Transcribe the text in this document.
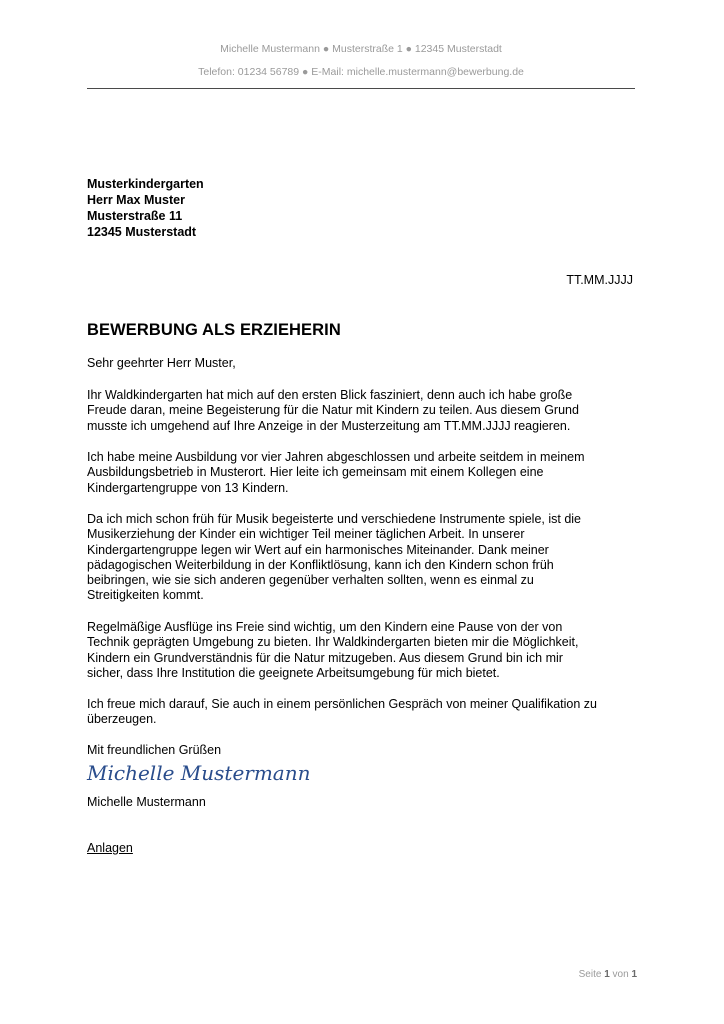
Michelle Mustermann ● Musterstraße 1 ● 12345 Musterstadt
Telefon: 01234 56789 ● E-Mail: michelle.mustermann@bewerbung.de
Musterkindergarten
Herr Max Muster
Musterstraße 11
12345 Musterstadt
TT.MM.JJJJ
BEWERBUNG ALS ERZIEHERIN

Sehr geehrter Herr Muster,

Ihr Waldkindergarten hat mich auf den ersten Blick fasziniert, denn auch ich habe große

Freude daran, meine Begeisterung für die Natur mit Kindern zu teilen. Aus diesem Grund

musste ich umgehend auf Ihre Anzeige in der Musterzeitung am TT.MM.JJJJ reagieren.

Ich habe meine Ausbildung vor vier Jahren abgeschlossen und arbeite seitdem in meinem

Ausbildungsbetrieb in Musterort. Hier leite ich gemeinsam mit einem Kollegen eine

Kindergartengruppe von 13 Kindern.

Da ich mich schon früh für Musik begeisterte und verschiedene Instrumente spiele, ist die

Musikerziehung der Kinder ein wichtiger Teil meiner täglichen Arbeit. In unserer

Kindergartengruppe legen wir Wert auf ein harmonisches Miteinander. Dank meiner

pädagogischen Weiterbildung in der Konfliktlösung, kann ich den Kindern schon früh

beibringen, wie sie sich anderen gegenüber verhalten sollten, wenn es einmal zu

Streitigkeiten kommt.

Regelmäßige Ausflüge ins Freie sind wichtig, um den Kindern eine Pause von der von

Technik geprägten Umgebung zu bieten. Ihr Waldkindergarten bieten mir die Möglichkeit,

Kindern ein Grundverständnis für die Natur mitzugeben. Aus diesem Grund bin ich mir

sicher, dass Ihre Institution die geeignete Arbeitsumgebung für mich bietet.

Ich freue mich darauf, Sie auch in einem persönlichen Gespräch von meiner Qualifikation zu

überzeugen.

Mit freundlichen Grüßen

Michelle Mustermann
Michelle Mustermann
Anlagen
Seite 1 von 1
